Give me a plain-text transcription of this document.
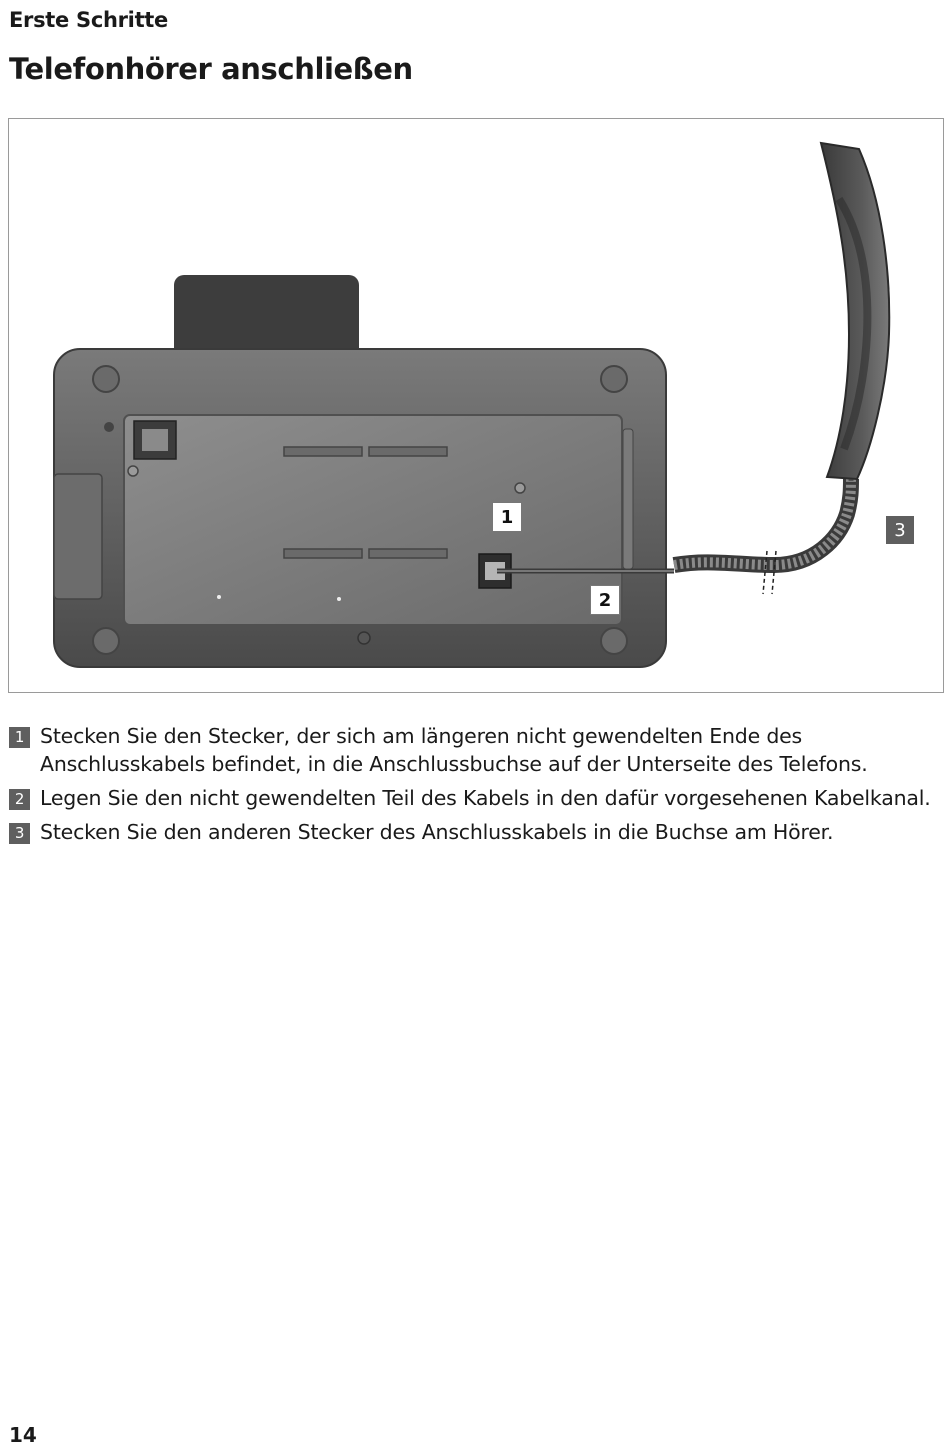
Erste Schritte
Telefonhörer anschließen
1
2
3
1 Stecken Sie den Stecker, der sich am längeren nicht gewendelten Ende des Anschlusskabels befindet, in die Anschlussbuchse auf der Unterseite des Telefons.
2 Legen Sie den nicht gewendelten Teil des Kabels in den dafür vorgesehenen Kabelkanal.
3 Stecken Sie den anderen Stecker des Anschlusskabels in die Buchse am Hörer.
14
